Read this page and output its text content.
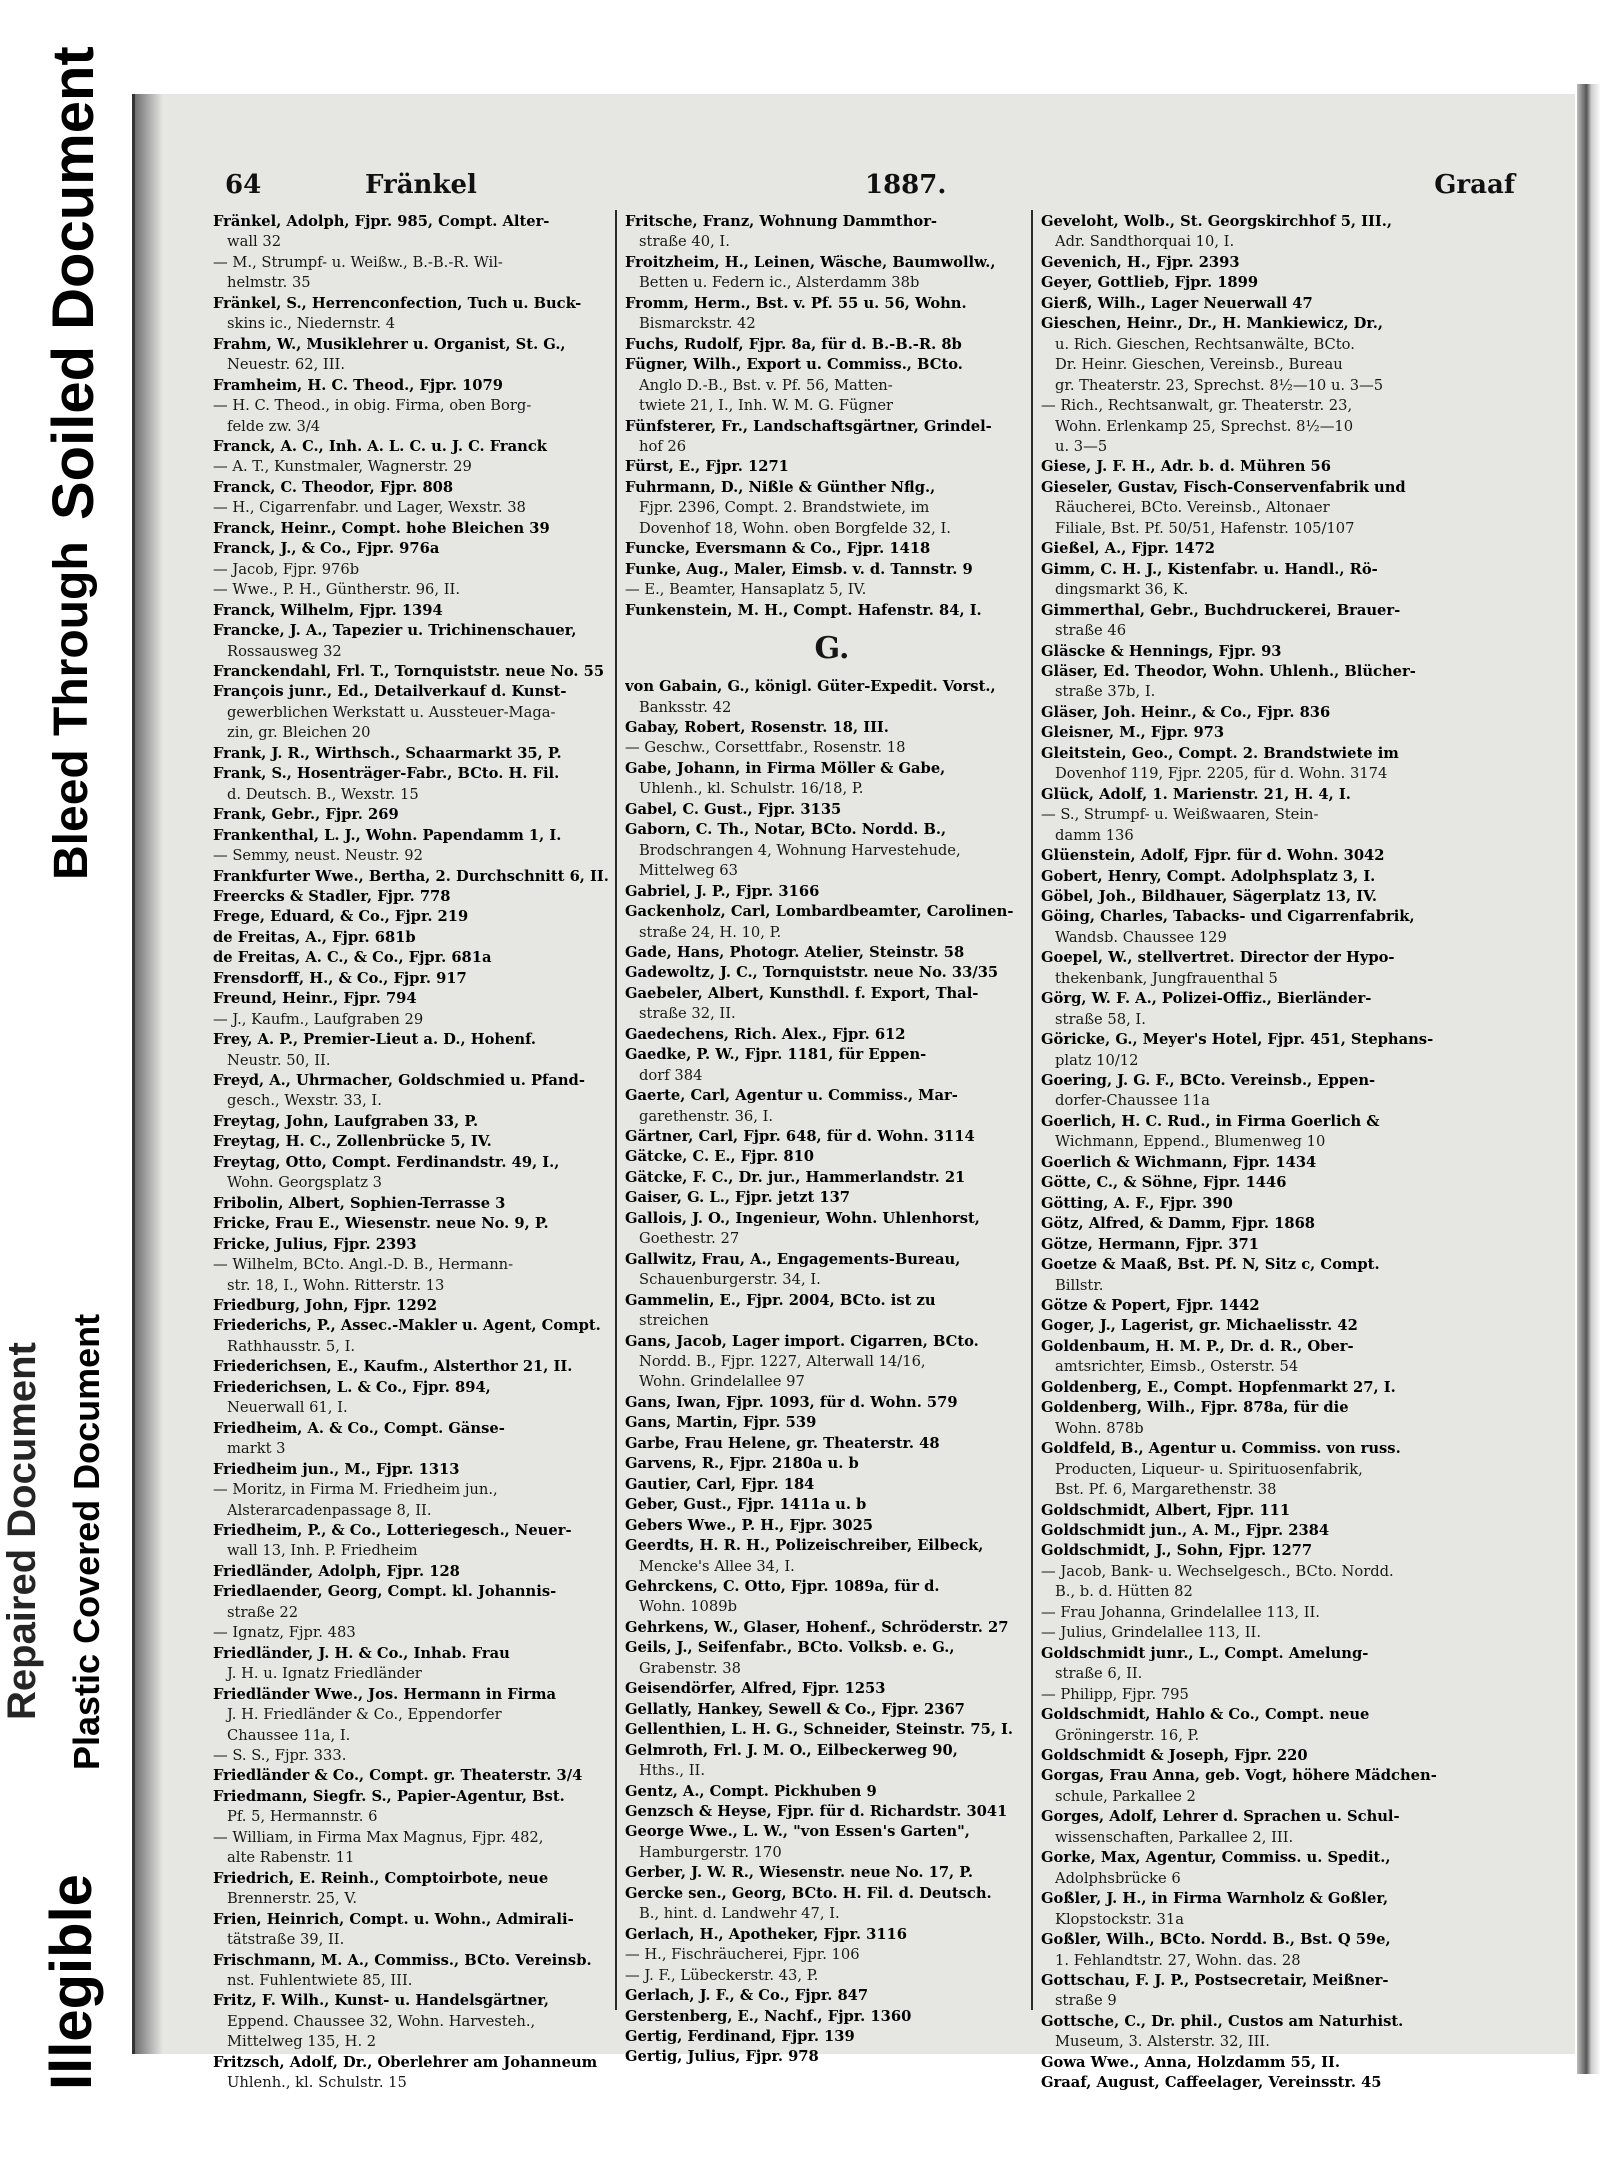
Illegible
Bleed Through
Soiled Document
Plastic Covered Document
Repaired Document
64	Fränkel	1887.	Graaf
Fränkel, Adolph, Fjpr. 985, Compt. Alter-
wall 32
— M., Strumpf- u. Weißw., B.-B.-R. Wil-
helmstr. 35
Fränkel, S., Herrenconfection, Tuch u. Buck-
skins ic., Niedernstr. 4
Frahm, W., Musiklehrer u. Organist, St. G.,
Neuestr. 62, III.
Framheim, H. C. Theod., Fjpr. 1079
— H. C. Theod., in obig. Firma, oben Borg-
felde zw. 3/4
Franck, A. C., Inh. A. L. C. u. J. C. Franck
— A. T., Kunstmaler, Wagnerstr. 29
Franck, C. Theodor, Fjpr. 808
— H., Cigarrenfabr. und Lager, Wexstr. 38
Franck, Heinr., Compt. hohe Bleichen 39
Franck, J., & Co., Fjpr. 976a
— Jacob, Fjpr. 976b
— Wwe., P. H., Güntherstr. 96, II.
Franck, Wilhelm, Fjpr. 1394
Francke, J. A., Tapezier u. Trichinenschauer,
Rossausweg 32
Franckendahl, Frl. T., Tornquiststr. neue No. 55
François junr., Ed., Detailverkauf d. Kunst-
gewerblichen Werkstatt u. Aussteuer-Maga-
zin, gr. Bleichen 20
Frank, J. R., Wirthsch., Schaarmarkt 35, P.
Frank, S., Hosenträger-Fabr., BCto. H. Fil.
d. Deutsch. B., Wexstr. 15
Frank, Gebr., Fjpr. 269
Frankenthal, L. J., Wohn. Papendamm 1, I.
— Semmy, neust. Neustr. 92
Frankfurter Wwe., Bertha, 2. Durchschnitt 6, II.
Freercks & Stadler, Fjpr. 778
Frege, Eduard, & Co., Fjpr. 219
de Freitas, A., Fjpr. 681b
de Freitas, A. C., & Co., Fjpr. 681a
Frensdorff, H., & Co., Fjpr. 917
Freund, Heinr., Fjpr. 794
— J., Kaufm., Laufgraben 29
Frey, A. P., Premier-Lieut a. D., Hohenf.
Neustr. 50, II.
Freyd, A., Uhrmacher, Goldschmied u. Pfand-
gesch., Wexstr. 33, I.
Freytag, John, Laufgraben 33, P.
Freytag, H. C., Zollenbrücke 5, IV.
Freytag, Otto, Compt. Ferdinandstr. 49, I.,
Wohn. Georgsplatz 3
Fribolin, Albert, Sophien-Terrasse 3
Fricke, Frau E., Wiesenstr. neue No. 9, P.
Fricke, Julius, Fjpr. 2393
— Wilhelm, BCto. Angl.-D. B., Hermann-
str. 18, I., Wohn. Ritterstr. 13
Friedburg, John, Fjpr. 1292
Friederichs, P., Assec.-Makler u. Agent, Compt.
Rathhausstr. 5, I.
Friederichsen, E., Kaufm., Alsterthor 21, II.
Friederichsen, L. & Co., Fjpr. 894,
Neuerwall 61, I.
Friedheim, A. & Co., Compt. Gänse-
markt 3
Friedheim jun., M., Fjpr. 1313
— Moritz, in Firma M. Friedheim jun.,
Alsterarcadenpassage 8, II.
Friedheim, P., & Co., Lotteriegesch., Neuer-
wall 13, Inh. P. Friedheim
Friedländer, Adolph, Fjpr. 128
Friedlaender, Georg, Compt. kl. Johannis-
straße 22
— Ignatz, Fjpr. 483
Friedländer, J. H. & Co., Inhab. Frau
J. H. u. Ignatz Friedländer
Friedländer Wwe., Jos. Hermann in Firma
J. H. Friedländer & Co., Eppendorfer
Chaussee 11a, I.
— S. S., Fjpr. 333.
Friedländer & Co., Compt. gr. Theaterstr. 3/4
Friedmann, Siegfr. S., Papier-Agentur, Bst.
Pf. 5, Hermannstr. 6
— William, in Firma Max Magnus, Fjpr. 482,
alte Rabenstr. 11
Friedrich, E. Reinh., Comptoirbote, neue
Brennerstr. 25, V.
Frien, Heinrich, Compt. u. Wohn., Admirali-
tätstraße 39, II.
Frischmann, M. A., Commiss., BCto. Vereinsb.
nst. Fuhlentwiete 85, III.
Fritz, F. Wilh., Kunst- u. Handelsgärtner,
Eppend. Chaussee 32, Wohn. Harvesteh.,
Mittelweg 135, H. 2
Fritzsch, Adolf, Dr., Oberlehrer am Johanneum
Uhlenh., kl. Schulstr. 15
Fritsche, Franz, Wohnung Dammthor-
straße 40, I.
Froitzheim, H., Leinen, Wäsche, Baumwollw.,
Betten u. Federn ic., Alsterdamm 38b
Fromm, Herm., Bst. v. Pf. 55 u. 56, Wohn.
Bismarckstr. 42
Fuchs, Rudolf, Fjpr. 8a, für d. B.-B.-R. 8b
Fügner, Wilh., Export u. Commiss., BCto.
Anglo D.-B., Bst. v. Pf. 56, Matten-
twiete 21, I., Inh. W. M. G. Fügner
Fünfsterer, Fr., Landschaftsgärtner, Grindel-
hof 26
Fürst, E., Fjpr. 1271
Fuhrmann, D., Nißle & Günther Nflg.,
Fjpr. 2396, Compt. 2. Brandstwiete, im
Dovenhof 18, Wohn. oben Borgfelde 32, I.
Funcke, Eversmann & Co., Fjpr. 1418
Funke, Aug., Maler, Eimsb. v. d. Tannstr. 9
— E., Beamter, Hansaplatz 5, IV.
Funkenstein, M. H., Compt. Hafenstr. 84, I.
G.
von Gabain, G., königl. Güter-Expedit. Vorst.,
Banksstr. 42
Gabay, Robert, Rosenstr. 18, III.
— Geschw., Corsettfabr., Rosenstr. 18
Gabe, Johann, in Firma Möller & Gabe,
Uhlenh., kl. Schulstr. 16/18, P.
Gabel, C. Gust., Fjpr. 3135
Gaborn, C. Th., Notar, BCto. Nordd. B.,
Brodschrangen 4, Wohnung Harvestehude,
Mittelweg 63
Gabriel, J. P., Fjpr. 3166
Gackenholz, Carl, Lombardbeamter, Carolinen-
straße 24, H. 10, P.
Gade, Hans, Photogr. Atelier, Steinstr. 58
Gadewoltz, J. C., Tornquiststr. neue No. 33/35
Gaebeler, Albert, Kunsthdl. f. Export, Thal-
straße 32, II.
Gaedechens, Rich. Alex., Fjpr. 612
Gaedke, P. W., Fjpr. 1181, für Eppen-
dorf 384
Gaerte, Carl, Agentur u. Commiss., Mar-
garethenstr. 36, I.
Gärtner, Carl, Fjpr. 648, für d. Wohn. 3114
Gätcke, C. E., Fjpr. 810
Gätcke, F. C., Dr. jur., Hammerlandstr. 21
Gaiser, G. L., Fjpr. jetzt 137
Gallois, J. O., Ingenieur, Wohn. Uhlenhorst,
Goethestr. 27
Gallwitz, Frau, A., Engagements-Bureau,
Schauenburgerstr. 34, I.
Gammelin, E., Fjpr. 2004, BCto. ist zu
streichen
Gans, Jacob, Lager import. Cigarren, BCto.
Nordd. B., Fjpr. 1227, Alterwall 14/16,
Wohn. Grindelallee 97
Gans, Iwan, Fjpr. 1093, für d. Wohn. 579
Gans, Martin, Fjpr. 539
Garbe, Frau Helene, gr. Theaterstr. 48
Garvens, R., Fjpr. 2180a u. b
Gautier, Carl, Fjpr. 184
Geber, Gust., Fjpr. 1411a u. b
Gebers Wwe., P. H., Fjpr. 3025
Geerdts, H. R. H., Polizeischreiber, Eilbeck,
Mencke's Allee 34, I.
Gehrckens, C. Otto, Fjpr. 1089a, für d.
Wohn. 1089b
Gehrkens, W., Glaser, Hohenf., Schröderstr. 27
Geils, J., Seifenfabr., BCto. Volksb. e. G.,
Grabenstr. 38
Geisendörfer, Alfred, Fjpr. 1253
Gellatly, Hankey, Sewell & Co., Fjpr. 2367
Gellenthien, L. H. G., Schneider, Steinstr. 75, I.
Gelmroth, Frl. J. M. O., Eilbeckerweg 90,
Hths., II.
Gentz, A., Compt. Pickhuben 9
Genzsch & Heyse, Fjpr. für d. Richardstr. 3041
George Wwe., L. W., "von Essen's Garten",
Hamburgerstr. 170
Gerber, J. W. R., Wiesenstr. neue No. 17, P.
Gercke sen., Georg, BCto. H. Fil. d. Deutsch.
B., hint. d. Landwehr 47, I.
Gerlach, H., Apotheker, Fjpr. 3116
— H., Fischräucherei, Fjpr. 106
— J. F., Lübeckerstr. 43, P.
Gerlach, J. F., & Co., Fjpr. 847
Gerstenberg, E., Nachf., Fjpr. 1360
Gertig, Ferdinand, Fjpr. 139
Gertig, Julius, Fjpr. 978
Geveloht, Wolb., St. Georgskirchhof 5, III.,
Adr. Sandthorquai 10, I.
Gevenich, H., Fjpr. 2393
Geyer, Gottlieb, Fjpr. 1899
Gierß, Wilh., Lager Neuerwall 47
Gieschen, Heinr., Dr., H. Mankiewicz, Dr.,
u. Rich. Gieschen, Rechtsanwälte, BCto.
Dr. Heinr. Gieschen, Vereinsb., Bureau
gr. Theaterstr. 23, Sprechst. 8½—10 u. 3—5
— Rich., Rechtsanwalt, gr. Theaterstr. 23,
Wohn. Erlenkamp 25, Sprechst. 8½—10
u. 3—5
Giese, J. F. H., Adr. b. d. Mühren 56
Gieseler, Gustav, Fisch-Conservenfabrik und
Räucherei, BCto. Vereinsb., Altonaer
Filiale, Bst. Pf. 50/51, Hafenstr. 105/107
Gießel, A., Fjpr. 1472
Gimm, C. H. J., Kistenfabr. u. Handl., Rö-
dingsmarkt 36, K.
Gimmerthal, Gebr., Buchdruckerei, Brauer-
straße 46
Gläscke & Hennings, Fjpr. 93
Gläser, Ed. Theodor, Wohn. Uhlenh., Blücher-
straße 37b, I.
Gläser, Joh. Heinr., & Co., Fjpr. 836
Gleisner, M., Fjpr. 973
Gleitstein, Geo., Compt. 2. Brandstwiete im
Dovenhof 119, Fjpr. 2205, für d. Wohn. 3174
Glück, Adolf, 1. Marienstr. 21, H. 4, I.
— S., Strumpf- u. Weißwaaren, Stein-
damm 136
Glüenstein, Adolf, Fjpr. für d. Wohn. 3042
Gobert, Henry, Compt. Adolphsplatz 3, I.
Göbel, Joh., Bildhauer, Sägerplatz 13, IV.
Göing, Charles, Tabacks- und Cigarrenfabrik,
Wandsb. Chaussee 129
Goepel, W., stellvertret. Director der Hypo-
thekenbank, Jungfrauenthal 5
Görg, W. F. A., Polizei-Offiz., Bierländer-
straße 58, I.
Göricke, G., Meyer's Hotel, Fjpr. 451, Stephans-
platz 10/12
Goering, J. G. F., BCto. Vereinsb., Eppen-
dorfer-Chaussee 11a
Goerlich, H. C. Rud., in Firma Goerlich &
Wichmann, Eppend., Blumenweg 10
Goerlich & Wichmann, Fjpr. 1434
Götte, C., & Söhne, Fjpr. 1446
Götting, A. F., Fjpr. 390
Götz, Alfred, & Damm, Fjpr. 1868
Götze, Hermann, Fjpr. 371
Goetze & Maaß, Bst. Pf. N, Sitz c, Compt.
Billstr.
Götze & Popert, Fjpr. 1442
Goger, J., Lagerist, gr. Michaelisstr. 42
Goldenbaum, H. M. P., Dr. d. R., Ober-
amtsrichter, Eimsb., Osterstr. 54
Goldenberg, E., Compt. Hopfenmarkt 27, I.
Goldenberg, Wilh., Fjpr. 878a, für die
Wohn. 878b
Goldfeld, B., Agentur u. Commiss. von russ.
Producten, Liqueur- u. Spirituosenfabrik,
Bst. Pf. 6, Margarethenstr. 38
Goldschmidt, Albert, Fjpr. 111
Goldschmidt jun., A. M., Fjpr. 2384
Goldschmidt, J., Sohn, Fjpr. 1277
— Jacob, Bank- u. Wechselgesch., BCto. Nordd.
B., b. d. Hütten 82
— Frau Johanna, Grindelallee 113, II.
— Julius, Grindelallee 113, II.
Goldschmidt junr., L., Compt. Amelung-
straße 6, II.
— Philipp, Fjpr. 795
Goldschmidt, Hahlo & Co., Compt. neue
Gröningerstr. 16, P.
Goldschmidt & Joseph, Fjpr. 220
Gorgas, Frau Anna, geb. Vogt, höhere Mädchen-
schule, Parkallee 2
Gorges, Adolf, Lehrer d. Sprachen u. Schul-
wissenschaften, Parkallee 2, III.
Gorke, Max, Agentur, Commiss. u. Spedit.,
Adolphsbrücke 6
Goßler, J. H., in Firma Warnholz & Goßler,
Klopstockstr. 31a
Goßler, Wilh., BCto. Nordd. B., Bst. Q 59e,
1. Fehlandtstr. 27, Wohn. das. 28
Gottschau, F. J. P., Postsecretair, Meißner-
straße 9
Gottsche, C., Dr. phil., Custos am Naturhist.
Museum, 3. Alsterstr. 32, III.
Gowa Wwe., Anna, Holzdamm 55, II.
Graaf, August, Caffeelager, Vereinsstr. 45
